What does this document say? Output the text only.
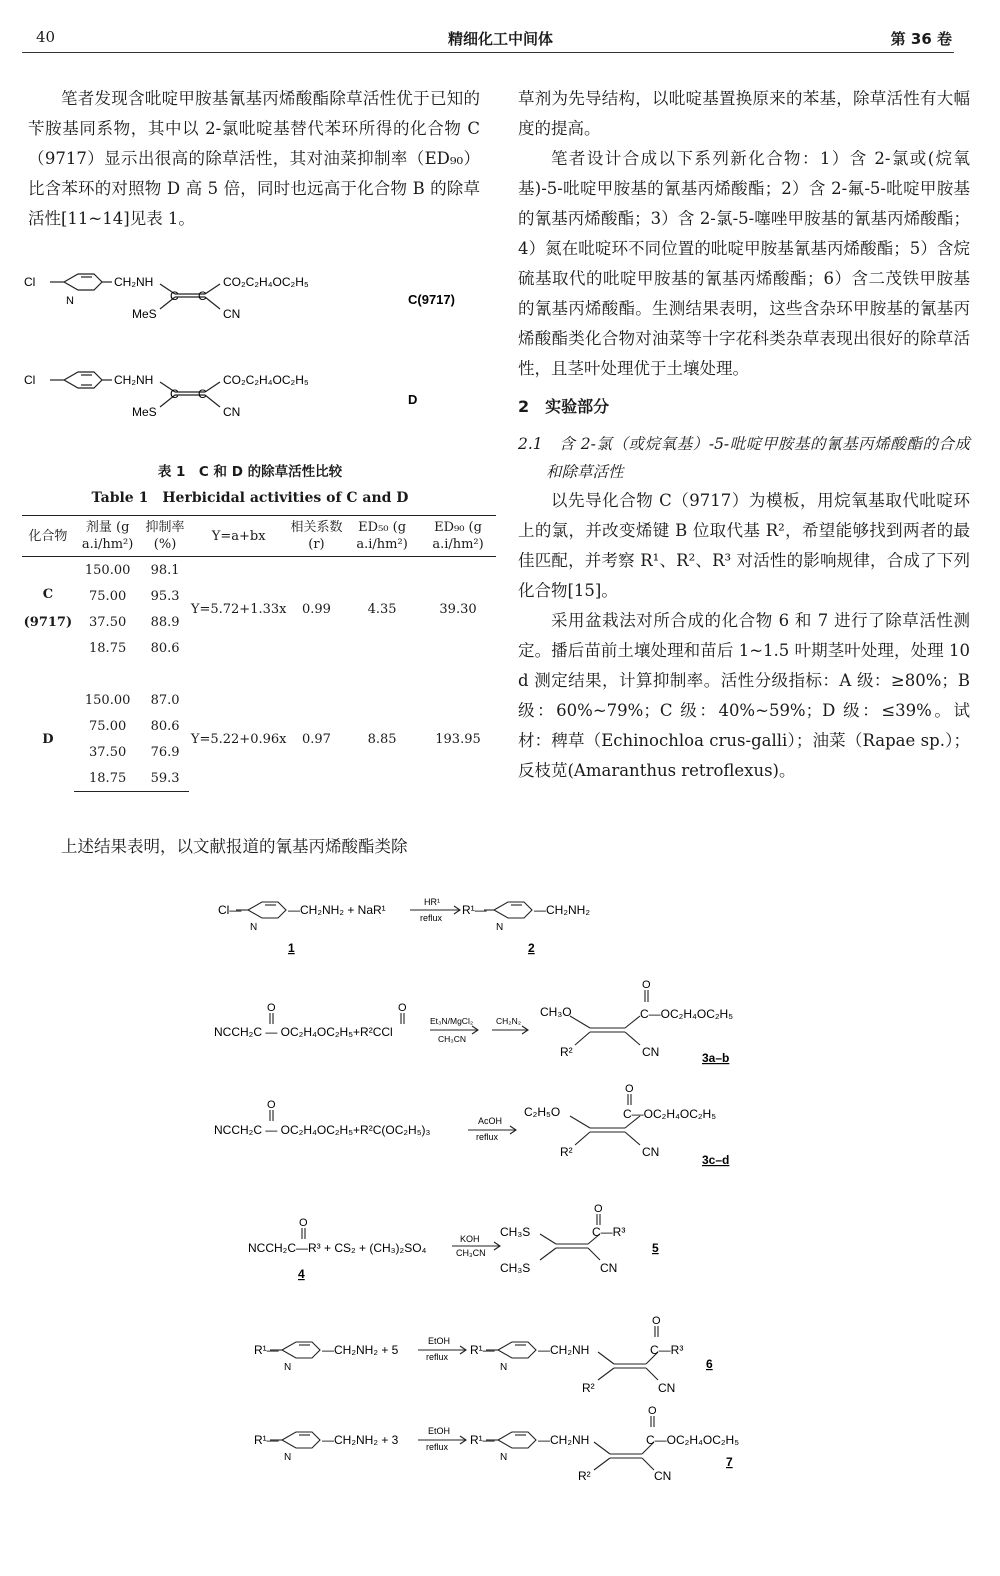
40	精细化工中间体	第 36 卷

笔者发现含吡啶甲胺基氰基丙烯酸酯除草活性优于已知的苄胺基同系物，其中以 2-氯吡啶基替代苯环所得的化合物 C（9717）显示出很高的除草活性，其对油菜抑制率（ED₉₀）比含苯环的对照物 D 高 5 倍，同时也远高于化合物 B 的除草活性[11~14]见表 1。

Cl
N
CH₂NH
MeS
C C
CO₂C₂H₄OC₂H₅
CN
C(9717)
Cl	CH₂NH
MeS
C C
CO₂C₂H₄OC₂H₅
CN
D
表 1　C 和 D 的除草活性比较
Table 1　Herbicidal activities of C and D
化合物	剂量 (g a.i/hm²)	抑制率 (%)	Y=a+bx	相关系数(r)	ED₅₀ (g a.i/hm²)	ED₉₀ (g a.i/hm²)
C
(9717)	150.00	98.1	Y=5.72+1.33x	0.99	4.35	39.30
	75.00	95.3				
	37.50	88.9				
	18.75	80.6				

D	150.00	87.0	Y=5.22+0.96x	0.97	8.85	193.95
	75.00	80.6				
	37.50	76.9				
	18.75	59.3				

上述结果表明，以文献报道的氰基丙烯酸酯类除

草剂为先导结构，以吡啶基置换原来的苯基，除草活性有大幅度的提高。

笔者设计合成以下系列新化合物：1）含 2-氯或(烷氧基)-5-吡啶甲胺基的氰基丙烯酸酯；2）含 2-氟-5-吡啶甲胺基的氰基丙烯酸酯；3）含 2-氯-5-噻唑甲胺基的氰基丙烯酸酯；4）氮在吡啶环不同位置的吡啶甲胺基氰基丙烯酸酯；5）含烷硫基取代的吡啶甲胺基的氰基丙烯酸酯；6）含二茂铁甲胺基的氰基丙烯酸酯。生测结果表明，这些含杂环甲胺基的氰基丙烯酸酯类化合物对油菜等十字花科类杂草表现出很好的除草活性，且茎叶处理优于土壤处理。

2　实验部分

2.1　含 2-氯（或烷氧基）-5-吡啶甲胺基的氰基丙烯酸酯的合成和除草活性

以先导化合物 C（9717）为模板，用烷氧基取代吡啶环上的氯，并改变烯键 B 位取代基 R²，希望能够找到两者的最佳匹配，并考察 R¹、R²、R³ 对活性的影响规律，合成了下列化合物[15]。

采用盆栽法对所合成的化合物 6 和 7 进行了除草活性测定。播后苗前土壤处理和苗后 1~1.5 叶期茎叶处理，处理 10 d 测定结果，计算抑制率。活性分级指标：A 级：≥80%；B 级：60%~79%；C 级：40%~59%；D 级：≤39%。试材：稗草（Echinochloa crus-galli）；油菜（Rapae sp.）；反枝苋(Amaranthus retroflexus)。

Cl—
N
—CH₂NH₂ + NaR¹
HR¹
reflux
R¹—
N
—CH₂NH₂
1	2
O	O
NCCH₂C — OC₂H₄OC₂H₅+R²CCl
Et₃N/MgCl₂
CH₃CN
CH₂N₂
CH₃O
O
C—OC₂H₄OC₂H₅
R²	CN	3a–b
O
NCCH₂C — OC₂H₄OC₂H₅+R²C(OC₂H₅)₃
AcOH
reflux
C₂H₅O
O
C—OC₂H₄OC₂H₅
R²	CN
3c–d
O
NCCH₂C—R³ + CS₂ + (CH₃)₂SO₄
KOH
CH₃CN
CH₃S
CH₃S
O
C—R³
CN
4
5
R¹—
N
—CH₂NH₂ + 5
EtOH
reflux R¹—
N
—CH₂NH
O
C—R³
R²	CN
6
R¹—
N
—CH₂NH₂ + 3
EtOH
reflux R¹—
N
—CH₂NH
O
C—OC₂H₄OC₂H₅
R²	CN
7
